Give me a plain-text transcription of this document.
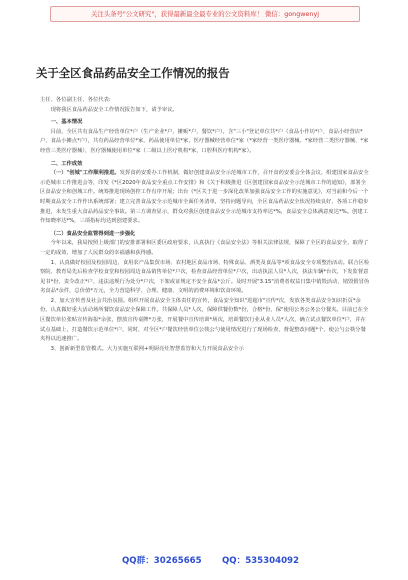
关注头条号"公文研究"，获得最新最全最专业的公文资料库！ 微信：gongwenyj
关于全区食品药品安全工作情况的报告

主任、各位副主任、各位代表:

现将我区食品药品安全工作情况报告如下，请予审议。

一、基本情况

目前，全区共有食品生产经营单位*户（生产企业*户，摊贩*户，餐饮*户），含"三小"登记单位共*户（食品小作坊*户，食品小经营店*户，食品小摊点*户），共有药品经营单位*家，药品使用单位*家，医疗器械经营单位*家（*家经营一类医疗器械、*家经营二类医疗器械、*家经营三类医疗器械），医疗器械使用单位*家（二级以上医疗机构*家，口腔科医疗机构*家）。

二、工作成效

（一）"创城"工作顺利推进。发挥食药安委办工作机制，做好创建食品安全示范城市工作，召开食药安委会全体会议，组建国家食品安全示范城市工作推进会等，印发《*区2020年食品安全重点工作安排》和《关于积极推进《区创建国家食品安全示范城市工作的通知》，部署全区食品安全和创城工作。统筹推进现场创控工作有序开展；出台《*区关于进一步深化改革加强食品安全工作的实施意见》，对当前和今后一个时期食品安全工作作出系统部署；建立完善食品安全示范城市全面任务清单，坚持问题导向，全区食品药品安全状况持续良好，各项工作稳步推进，未发生重大食品药品安全事故。第三方调查显示，群众对我区创建食品安全示范城市支持率达*%，食品安全总体满意度达*%。创建工作知晓率达*%，三项指标均达到创建要求。

（二）食品安全监管得到进一步强化

今年以来，我局按照上级部门的安排部署和区委区政府要求，认真执行《食品安全法》等相关法律法规，保障了全区的食品安全，取得了一定的成效，增加了人民群众的幸福感和获得感。

1、认真做好校园及校园周边、食用农产品集贸市场、农村地区食品市场、特殊食品、酒类及食品等*项食品安全专项整治活动。联合区检察院、教育局先后检查学校食堂和校园周边食品销售单位*户次，检查食品经营单位*户次，出动执法人员*人次，执法车辆*台次，下发监督意见书*份，责令改正*户，违法违规行为处分*户次，下架或证规定不安全食品*公斤。及时开展"3.15"消费者权益日集中销毁活动，销毁假冒伪劣食品*余件，总价值*万元，全力营造科学、合理、健康、文明的消费环境和饮食环境。

2、加大宣传普及社会共治氛围。组织开展食品安全主体责任的宣传，食品安全知识"进超市"宣传*次，发放各类食品安全知识折页*余份，认真做好重大活动场所餐饮食品安全保障工作。共保障人员*人次，保障供餐份数*份，合格*份，保"使用公务公务公分餐夹。目前已在全区餐饮单位张贴宣传海报*余张，摆放宣传桌牌*万张，开展餐中宣传培训*场次，培训餐饮行业从业人员*人次，确立试点餐饮单位*户，并在试点基础上，打造餐饮示范单位*户，同时，对全区*户餐饮经营单位公筷公勺使用情况进行了现场检查，督促整改问题*个，使公勺公筷分餐夹得以迅速推广。

3、创新新型监管模式。大力实施互联网+明厨亮灶智慧监管和大力开展食品安全示

QQ群：30265665 QQ：535304092
